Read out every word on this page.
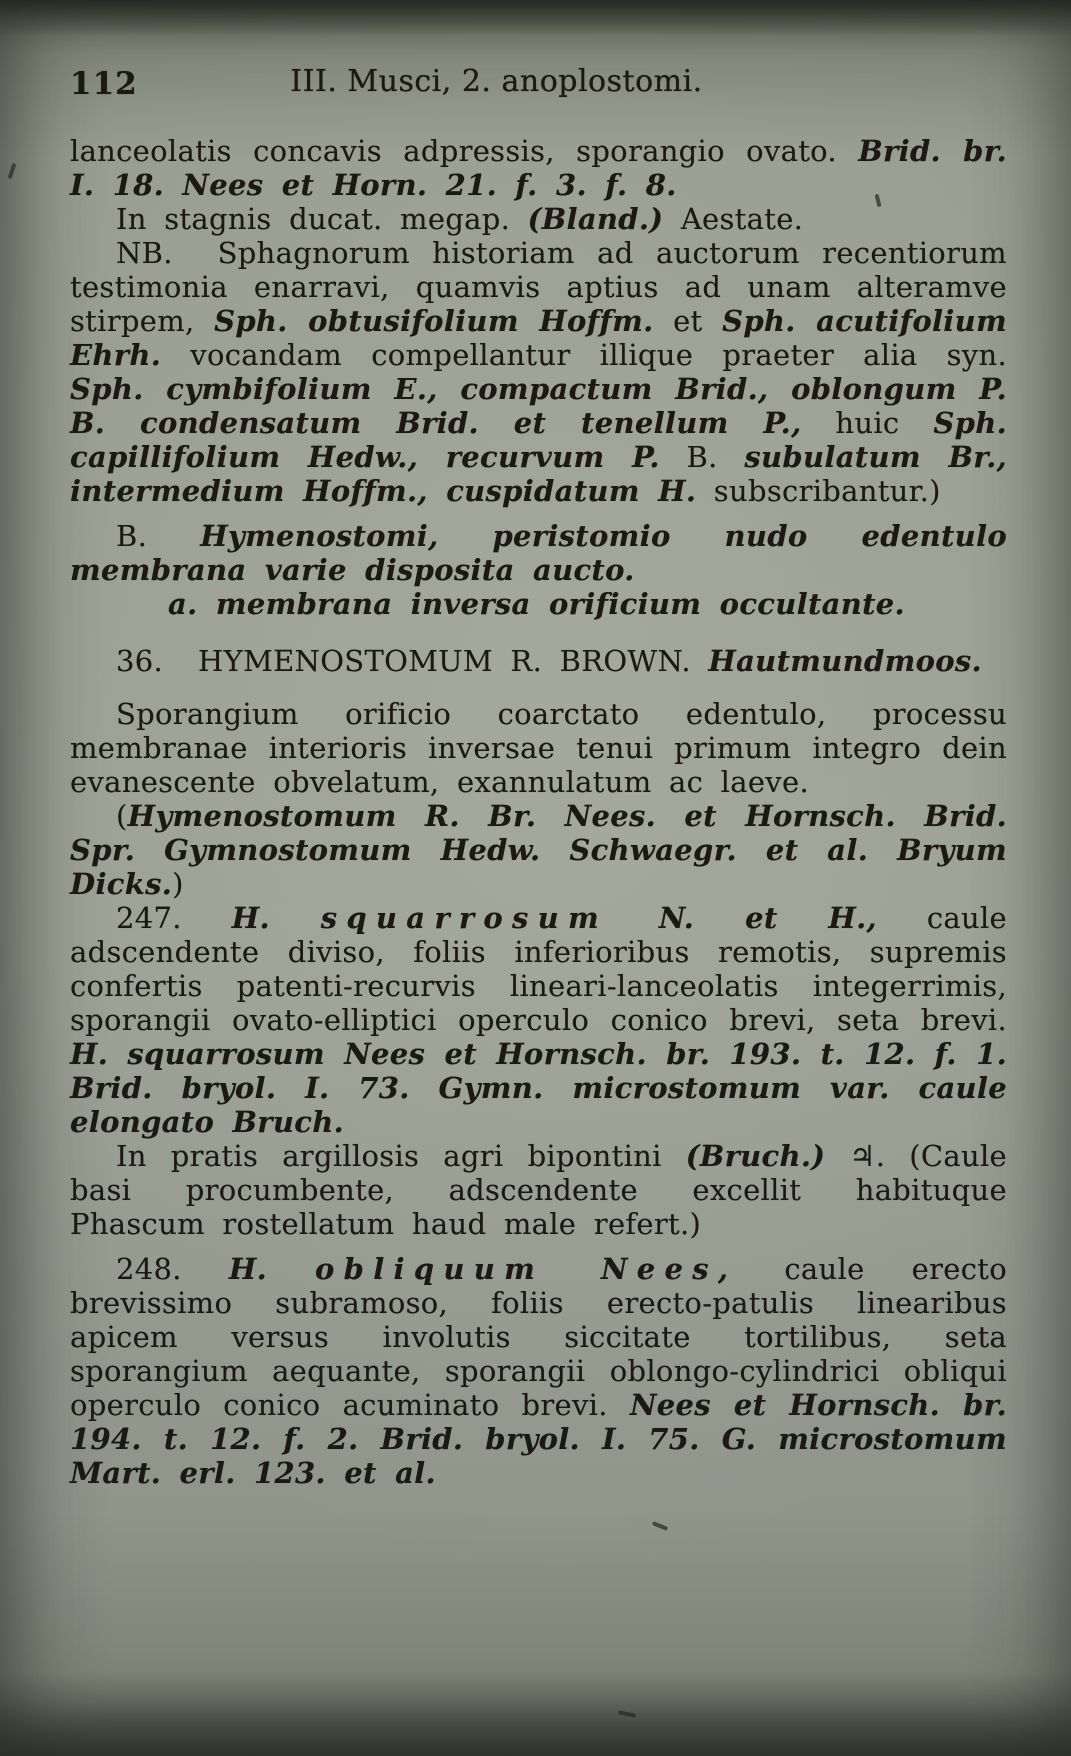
112	III. Musci, 2. anoplostomi.

lanceolatis concavis adpressis, sporangio ovato. Brid. br. I. 18. Nees et Horn. 21. f. 3. f. 8.

In stagnis ducat. megap. (Bland.) Aestate.

NB.  Sphagnorum historiam ad auctorum recentiorum testimonia enarravi, quamvis aptius ad unam alteramve stirpem, Sph. obtusifolium Hoffm. et Sph. acutifolium Ehrh. vocandam compellantur illique praeter alia syn. Sph. cymbifolium E., compactum Brid., oblongum P. B. condensatum Brid. et tenellum P., huic Sph. capillifolium Hedw., recurvum P. B. subulatum Br., intermedium Hoffm., cuspidatum H. subscribantur.)

B. Hymenostomi, peristomio nudo edentulo membrana varie disposita aucto.

a. membrana inversa orificium occultante.

36.  HYMENOSTOMUM R. BROWN. Hautmundmoos.

Sporangium orificio coarctato edentulo, processu membranae interioris inversae tenui primum integro dein evanescente obvelatum, exannulatum ac laeve.

(Hymenostomum R. Br. Nees. et Hornsch. Brid. Spr. Gymnostomum Hedw. Schwaegr. et al. Bryum Dicks.)

247. H. squarrosum N. et H., caule adscendente diviso, foliis inferioribus remotis, supremis confertis patenti-recurvis lineari-lanceolatis integerrimis, sporangii ovato-elliptici operculo conico brevi, seta brevi. H. squarrosum Nees et Hornsch. br. 193. t. 12. f. 1. Brid. bryol. I. 73. Gymn. microstomum var. caule elongato Bruch.

In pratis argillosis agri bipontini (Bruch.) ♃. (Caule basi procumbente, adscendente excellit habituque Phascum rostellatum haud male refert.)

248. H. obliquum Nees, caule erecto brevissimo subramoso, foliis erecto-patulis linearibus apicem versus involutis siccitate tortilibus, seta sporangium aequante, sporangii oblongo-cylindrici obliqui operculo conico acuminato brevi. Nees et Hornsch. br. 194. t. 12. f. 2. Brid. bryol. I. 75. G. microstomum Mart. erl. 123. et al.
